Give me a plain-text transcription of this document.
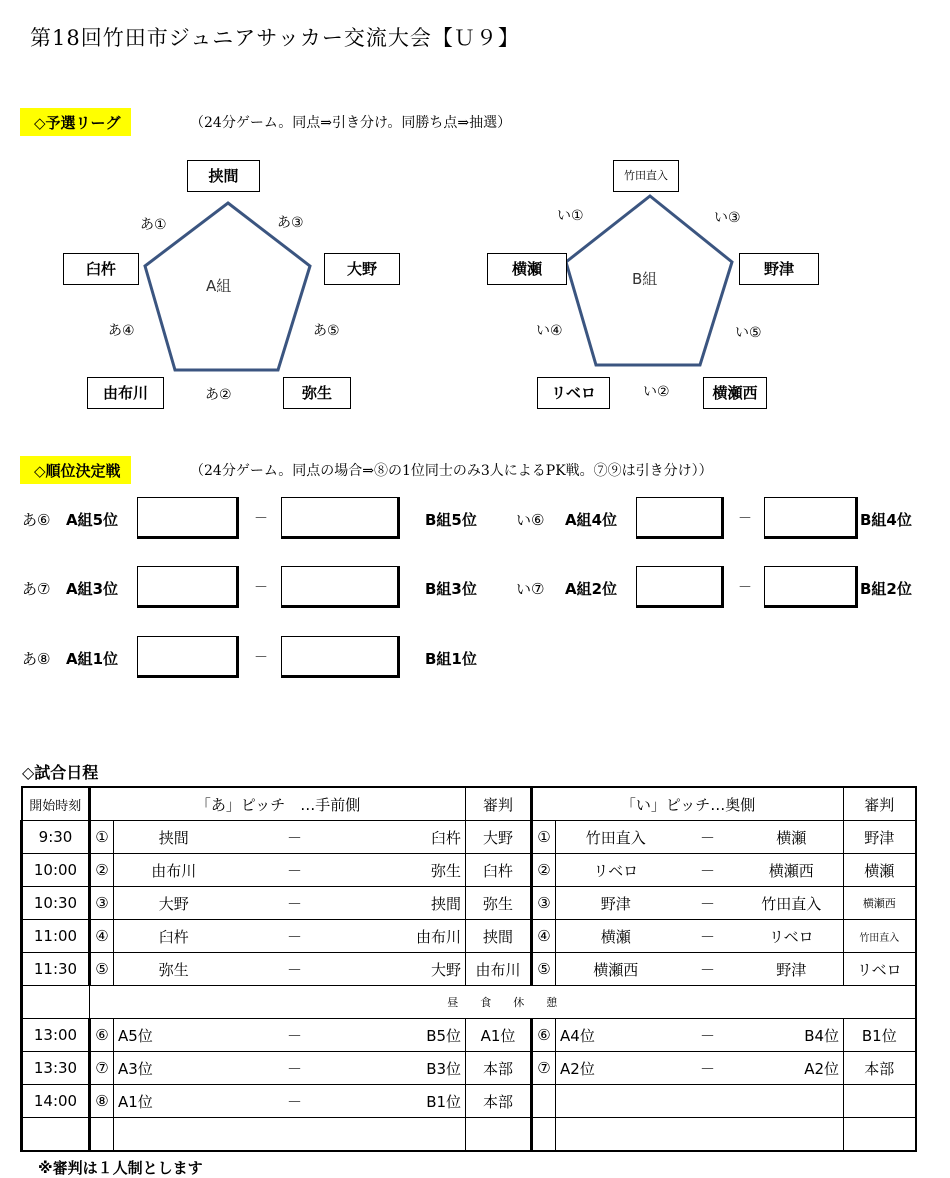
第18回竹田市ジュニアサッカー交流大会【Ｕ９】
◇予選リーグ	（24分ゲーム。同点⇒引き分け。同勝ち点⇒抽選）
挟間
大野
弥生
由布川
臼杵
A組
あ①	あ③
あ⑤
あ②
あ④
竹田直入
野津
横瀬西
リベロ
横瀬
B組
い①	い③
い⑤
い②
い④
◇順位決定戦	（24分ゲーム。同点の場合⇒⑧の1位同士のみ3人によるPK戦。⑦⑨は引き分け））
あ⑥ A組5位	－	B組5位
あ⑦ A組3位	－	B組3位
あ⑧ A組1位	－	B組1位
い⑥ A組4位	－	B組4位
い⑦ A組2位	－	B組2位
◇試合日程
開始時刻	「あ」ピッチ　…手前側				審判	「い」ピッチ…奥側				審判
9:30	①	挟間	－	臼杵	大野	①	竹田直入	－	横瀬	野津
10:00	②	由布川	－	弥生	臼杵	②	リベロ	－	横瀬西	横瀬
10:30	③	大野	－	挟間	弥生	③	野津	－	竹田直入	横瀬西
11:00	④	臼杵	－	由布川	挟間	④	横瀬	－	リベロ	竹田直入
11:30	⑤	弥生	－	大野	由布川	⑤	横瀬西	－	野津	リベロ
	昼　　食　　休　　憩									
13:00	⑥	A5位	－	B5位	A1位	⑥	A4位	－	B4位	B1位
13:30	⑦	A3位	－	B3位	本部	⑦	A2位	－	A2位	本部
14:00	⑧	A1位	－	B1位	本部					

※審判は１人制とします
